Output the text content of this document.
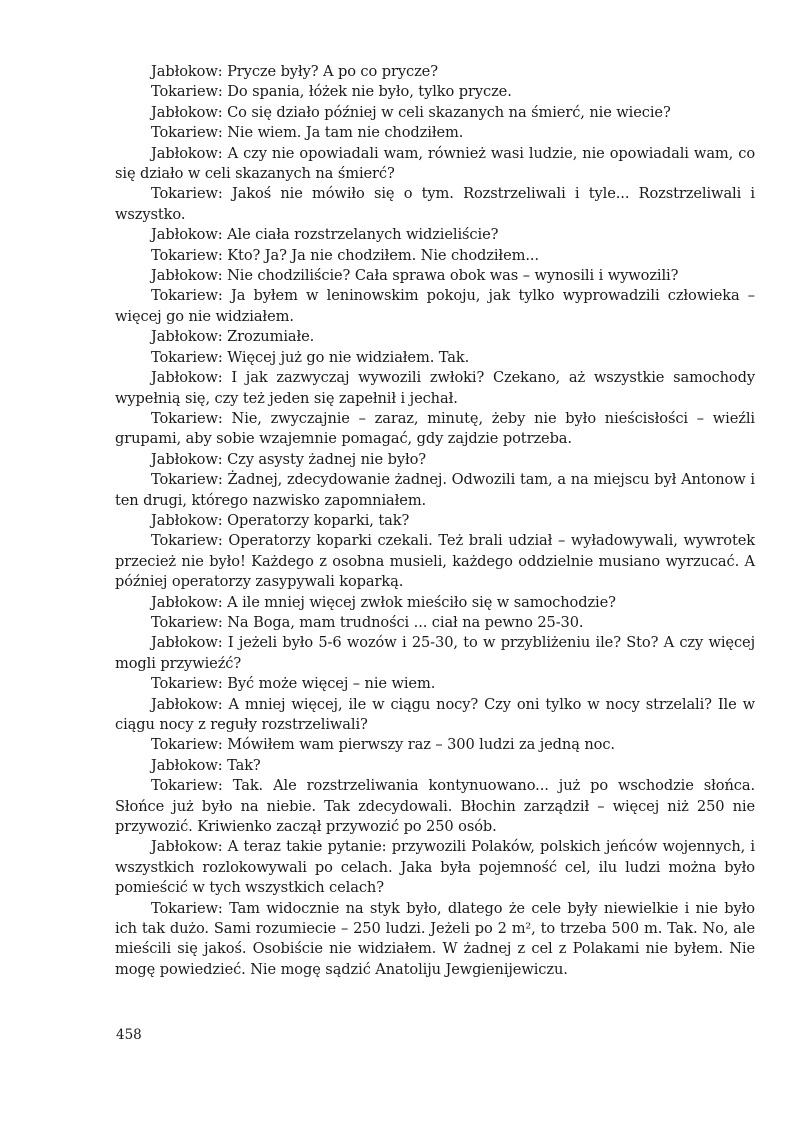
Jabłokow: Prycze były? A po co prycze?

Tokariew: Do spania, łóżek nie było, tylko prycze.

Jabłokow: Co się działo później w celi skazanych na śmierć, nie wiecie?

Tokariew: Nie wiem. Ja tam nie chodziłem.

Jabłokow: A czy nie opowiadali wam, również wasi ludzie, nie opowiadali wam, co się działo w celi skazanych na śmierć?

Tokariew: Jakoś nie mówiło się o tym. Rozstrzeliwali i tyle... Rozstrzeliwali i wszystko.

Jabłokow: Ale ciała rozstrzelanych widzieliście?

Tokariew: Kto? Ja? Ja nie chodziłem. Nie chodziłem...

Jabłokow: Nie chodziliście? Cała sprawa obok was – wynosili i wywozili?

Tokariew: Ja byłem w leninowskim pokoju, jak tylko wyprowadzili człowieka – więcej go nie widziałem.

Jabłokow: Zrozumiałe.

Tokariew: Więcej już go nie widziałem. Tak.

Jabłokow: I jak zazwyczaj wywozili zwłoki? Czekano, aż wszystkie samochody wypełnią się, czy też jeden się zapełnił i jechał.

Tokariew: Nie, zwyczajnie – zaraz, minutę, żeby nie było nieścisłości – wieźli grupami, aby sobie wzajemnie pomagać, gdy zajdzie potrzeba.

Jabłokow: Czy asysty żadnej nie było?

Tokariew: Żadnej, zdecydowanie żadnej. Odwozili tam, a na miejscu był Antonow i ten drugi, którego nazwisko zapomniałem.

Jabłokow: Operatorzy koparki, tak?

Tokariew: Operatorzy koparki czekali. Też brali udział – wyładowywali, wywrotek przecież nie było! Każdego z osobna musieli, każdego oddzielnie musiano wyrzucać. A później operatorzy zasypywali koparką.

Jabłokow: A ile mniej więcej zwłok mieściło się w samochodzie?

Tokariew: Na Boga, mam trudności ... ciał na pewno 25-30.

Jabłokow: I jeżeli było 5-6 wozów i 25-30, to w przybliżeniu ile? Sto? A czy więcej mogli przywieźć?

Tokariew: Być może więcej – nie wiem.

Jabłokow: A mniej więcej, ile w ciągu nocy? Czy oni tylko w nocy strzelali? Ile w ciągu nocy z reguły rozstrzeliwali?

Tokariew: Mówiłem wam pierwszy raz – 300 ludzi za jedną noc.

Jabłokow: Tak?

Tokariew: Tak. Ale rozstrzeliwania kontynuowano... już po wschodzie słońca. Słońce już było na niebie. Tak zdecydowali. Błochin zarządził – więcej niż 250 nie przywozić. Kriwienko zaczął przywozić po 250 osób.

Jabłokow: A teraz takie pytanie: przywozili Polaków, polskich jeńców wojennych, i wszystkich rozlokowywali po celach. Jaka była pojemność cel, ilu ludzi można było pomieścić w tych wszystkich celach?

Tokariew: Tam widocznie na styk było, dlatego że cele były niewielkie i nie było ich tak dużo. Sami rozumiecie – 250 ludzi. Jeżeli po 2 m², to trzeba 500 m. Tak. No, ale mieścili się jakoś. Osobiście nie widziałem. W żadnej z cel z Polakami nie byłem. Nie mogę powiedzieć. Nie mogę sądzić Anatoliju Jewgienijewiczu.

458
